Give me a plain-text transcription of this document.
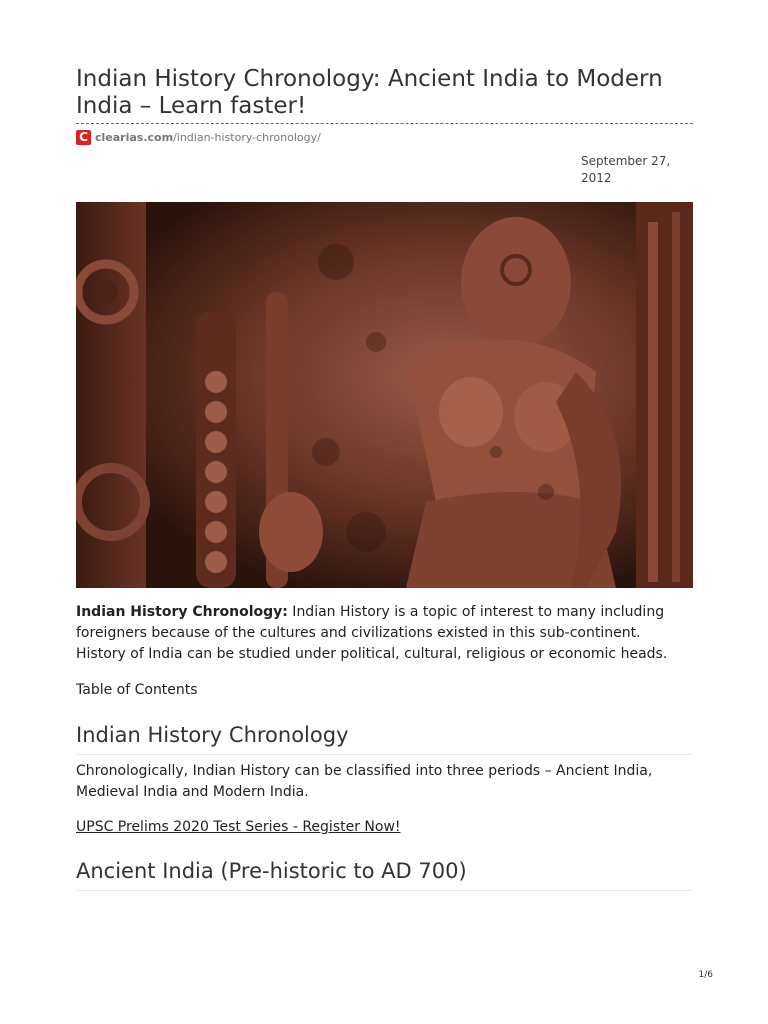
Indian History Chronology: Ancient India to Modern India – Learn faster!
C clearias.com/indian-history-chronology/
September 27,
2012

Indian History Chronology: Indian History is a topic of interest to many including foreigners because of the cultures and civilizations existed in this sub-continent. History of India can be studied under political, cultural, religious or economic heads.

Table of Contents
Indian History Chronology

Chronologically, Indian History can be classified into three periods – Ancient India, Medieval India and Modern India.

UPSC Prelims 2020 Test Series - Register Now!
Ancient India (Pre-historic to AD 700)
1/6
